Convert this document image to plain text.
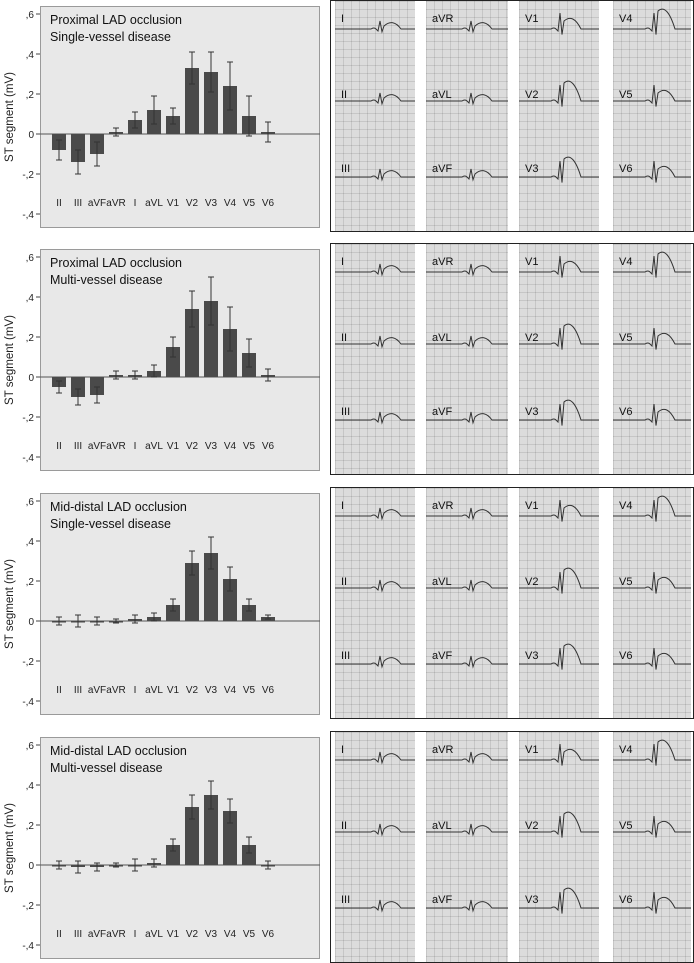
,6
,4
,2
0
-,2
-,4
ST segment (mV)
II III aVF aVR I aVL V1 V2 V3 V4 V5 V6
Proximal LAD occlusion
Single-vessel disease
I
II
III
aVR
aVL
aVF
V1
V2
V3
V4
V5
V6
,6
,4
,2
0
-,2
-,4
ST segment (mV)
II III aVF aVR I aVL V1 V2 V3 V4 V5 V6
Proximal LAD occlusion
Multi-vessel disease
I
II
III
aVR
aVL
aVF
V1
V2
V3
V4
V5
V6
,6
,4
,2
0
-,2
-,4
ST segment (mV)
II III aVF aVR I aVL V1 V2 V3 V4 V5 V6
Mid-distal LAD occlusion
Single-vessel disease
I
II
III
aVR
aVL
aVF
V1
V2
V3
V4
V5
V6
,6
,4
,2
0
-,2
-,4
ST segment (mV)
II III aVF aVR I aVL V1 V2 V3 V4 V5 V6
Mid-distal LAD occlusion
Multi-vessel disease
I
II
III
aVR
aVL
aVF
V1
V2
V3
V4
V5
V6
